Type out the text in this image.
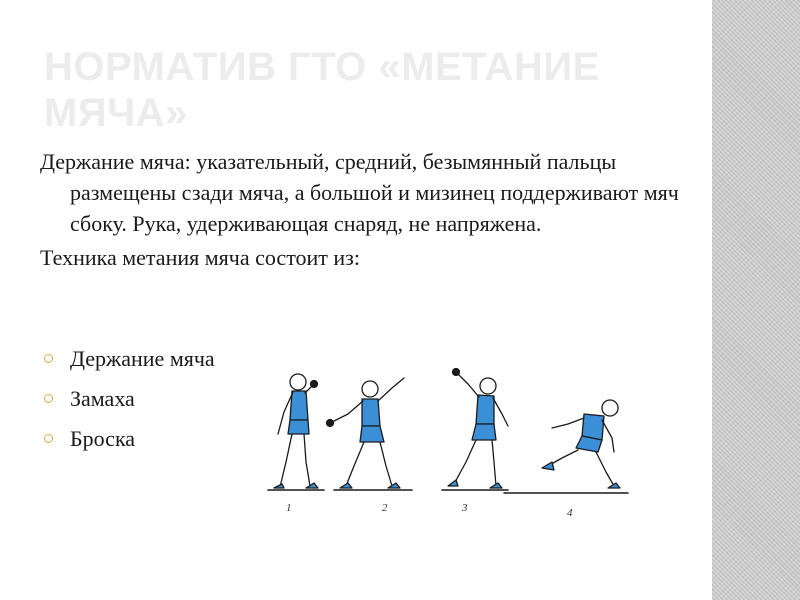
НОРМАТИВ ГТО «МЕТАНИЕ МЯЧА»

Держание мяча: указательный, средний, безымянный пальцы размещены сзади мяча, а большой и мизинец поддерживают мяч сбоку. Рука, удерживающая снаряд, не напряжена.

Техника метания мяча состоит из:

Держание мяча
Замаха
Броска
1	2	3	4
